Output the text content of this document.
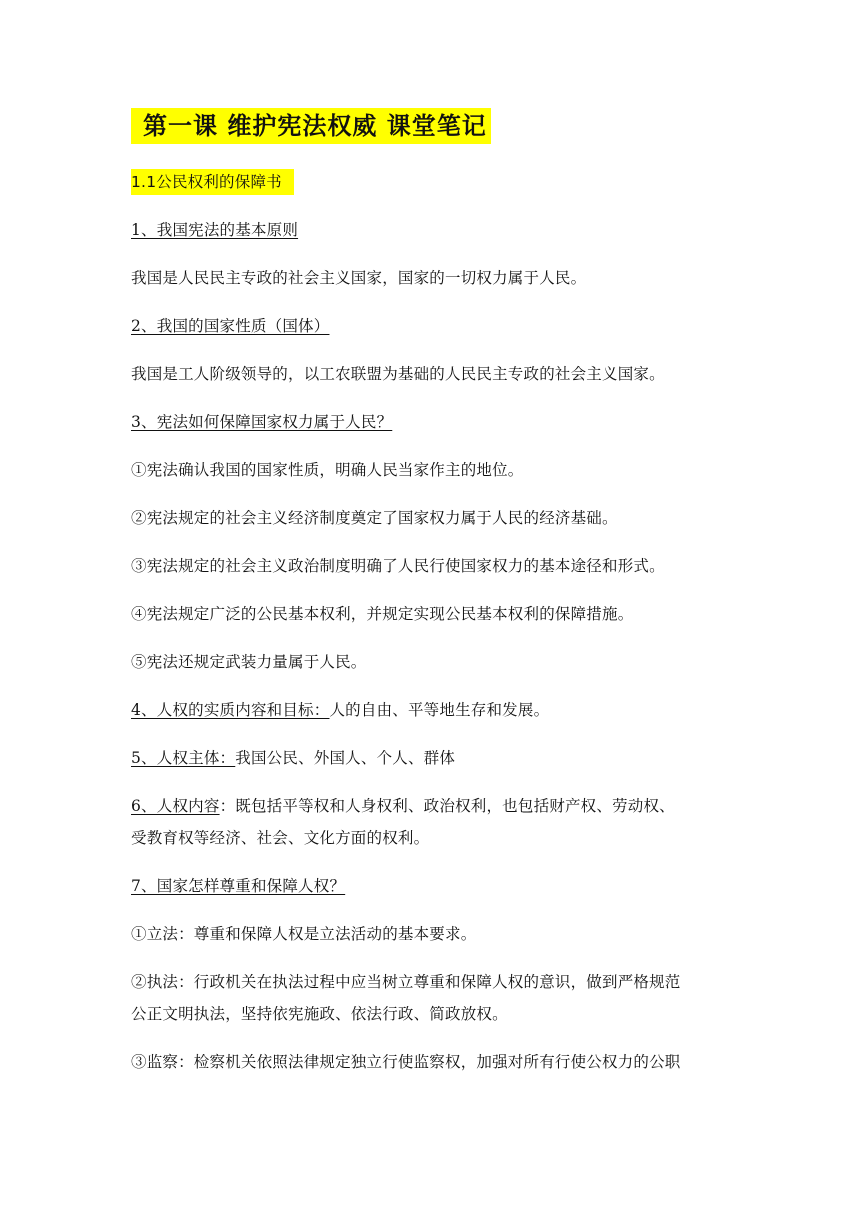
第一课 维护宪法权威 课堂笔记
1.1公民权利的保障书
1、我国宪法的基本原则
我国是人民民主专政的社会主义国家，国家的一切权力属于人民。
2、我国的国家性质（国体）
我国是工人阶级领导的，以工农联盟为基础的人民民主专政的社会主义国家。
3、宪法如何保障国家权力属于人民？
①宪法确认我国的国家性质，明确人民当家作主的地位。
②宪法规定的社会主义经济制度奠定了国家权力属于人民的经济基础。
③宪法规定的社会主义政治制度明确了人民行使国家权力的基本途径和形式。
④宪法规定广泛的公民基本权利，并规定实现公民基本权利的保障措施。
⑤宪法还规定武装力量属于人民。
4、人权的实质内容和目标：人的自由、平等地生存和发展。
5、人权主体：我国公民、外国人、个人、群体
6、人权内容：既包括平等权和人身权利、政治权利，也包括财产权、劳动权、
受教育权等经济、社会、文化方面的权利。
7、国家怎样尊重和保障人权？
①立法：尊重和保障人权是立法活动的基本要求。
②执法：行政机关在执法过程中应当树立尊重和保障人权的意识，做到严格规范
公正文明执法，坚持依宪施政、依法行政、简政放权。
③监察：检察机关依照法律规定独立行使监察权，加强对所有行使公权力的公职
